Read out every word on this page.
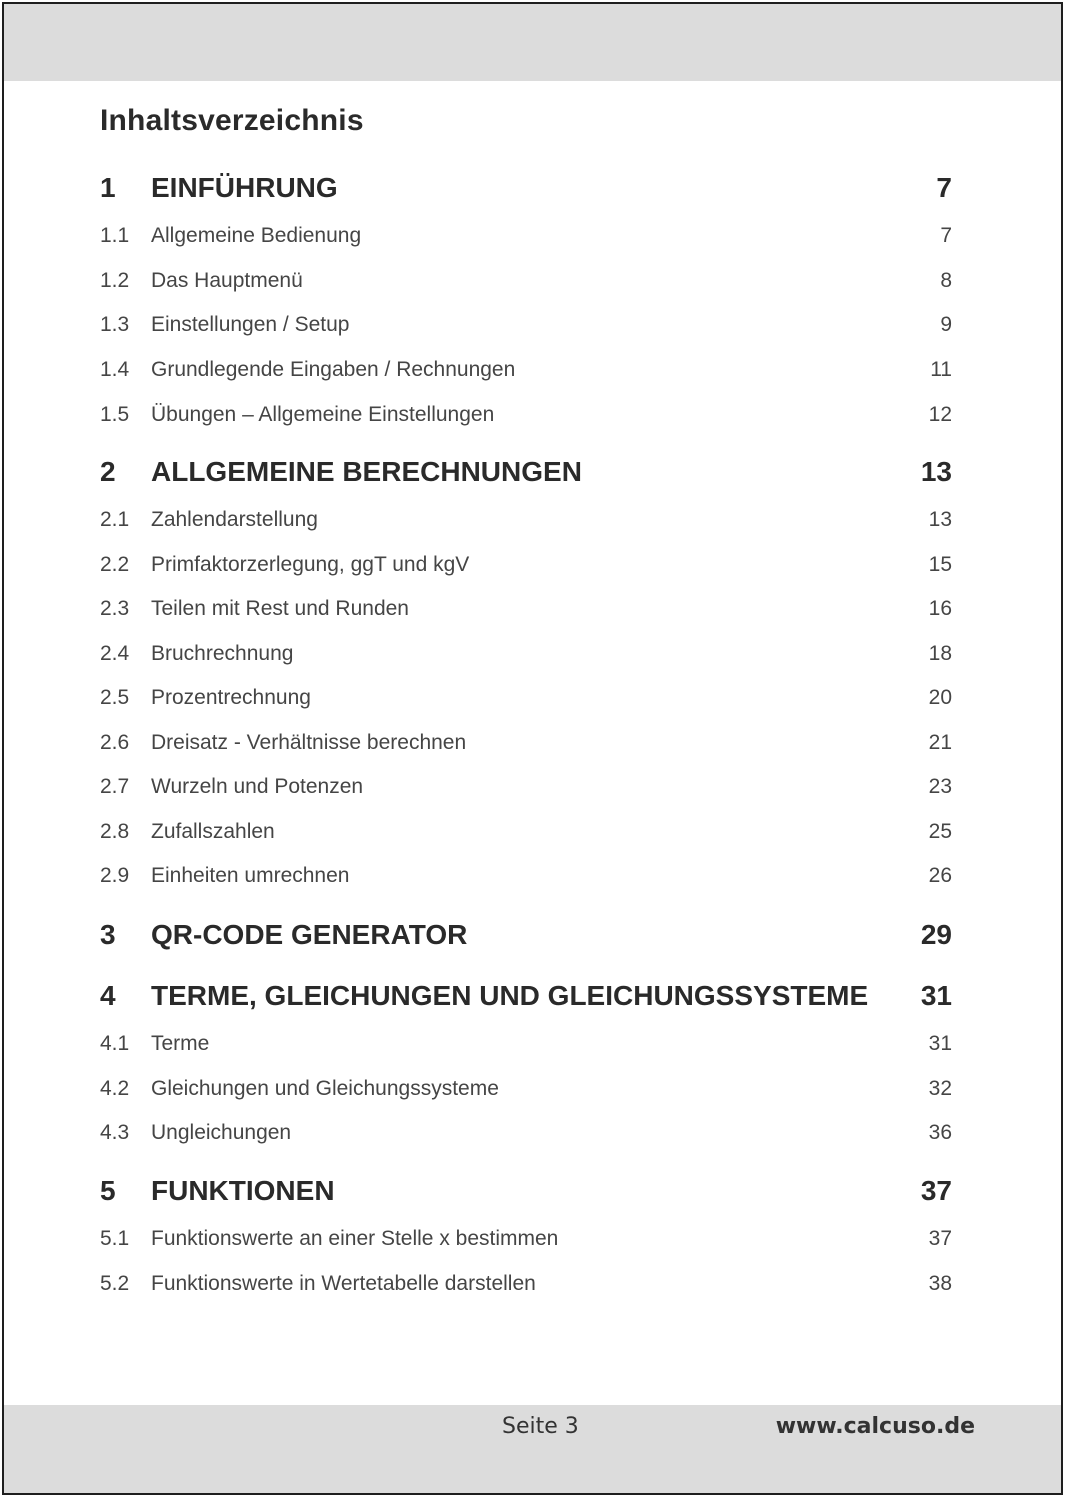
Inhaltsverzeichnis
1 EINFÜHRUNG	7
1.1 Allgemeine Bedienung	7
1.2 Das Hauptmenü	8
1.3 Einstellungen / Setup	9
1.4 Grundlegende Eingaben / Rechnungen	11
1.5 Übungen – Allgemeine Einstellungen	12
2 ALLGEMEINE BERECHNUNGEN	13
2.1 Zahlendarstellung	13
2.2 Primfaktorzerlegung, ggT und kgV	15
2.3 Teilen mit Rest und Runden	16
2.4 Bruchrechnung	18
2.5 Prozentrechnung	20
2.6 Dreisatz - Verhältnisse berechnen	21
2.7 Wurzeln und Potenzen	23
2.8 Zufallszahlen	25
2.9 Einheiten umrechnen	26
3 QR-CODE GENERATOR	29
4 TERME, GLEICHUNGEN UND GLEICHUNGSSYSTEME 31
4.1 Terme	31
4.2 Gleichungen und Gleichungssysteme	32
4.3 Ungleichungen	36
5 FUNKTIONEN	37
5.1 Funktionswerte an einer Stelle x bestimmen	37
5.2 Funktionswerte in Wertetabelle darstellen	38
Seite 3	www.calcuso.de
